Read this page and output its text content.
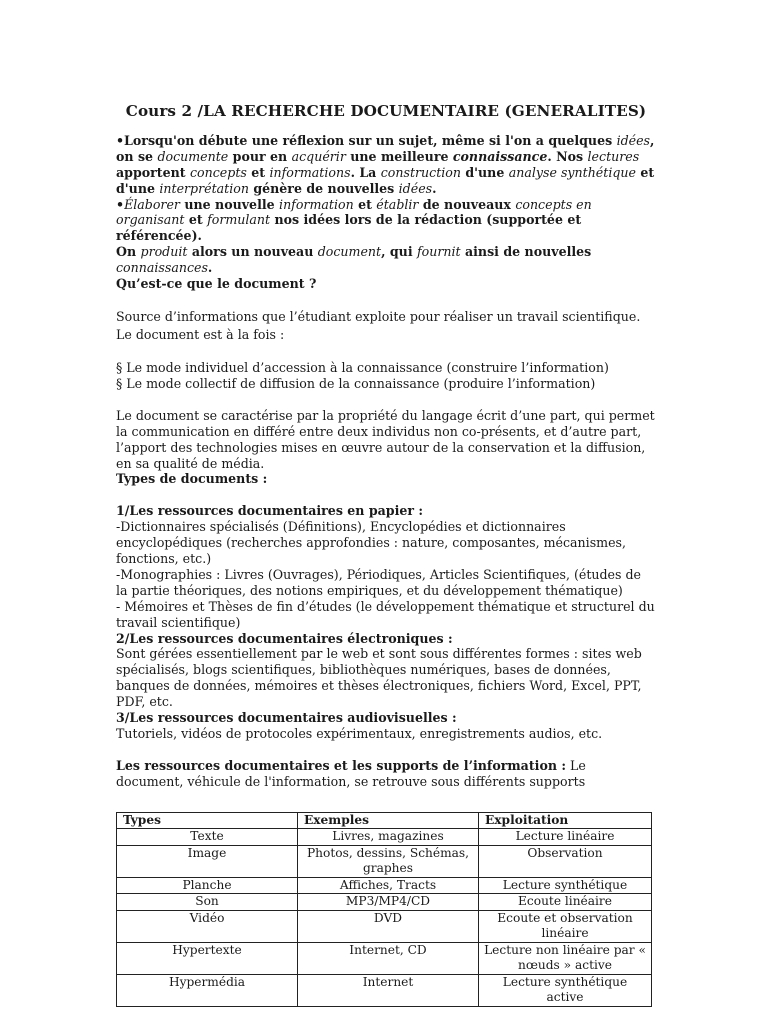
Cours 2 /LA RECHERCHE DOCUMENTAIRE (GENERALITES)

•Lorsqu'on débute une réflexion sur un sujet, même si l'on a quelques idées, on se documente pour en acquérir une meilleure connaissance. Nos lectures apportent concepts et informations. La construction d'une analyse synthétique et d'une interprétation génère de nouvelles idées.

•Élaborer une nouvelle information et établir de nouveaux concepts en organisant et formulant nos idées lors de la rédaction (supportée et référencée).

On produit alors un nouveau document, qui fournit ainsi de nouvelles connaissances.

Qu’est-ce que le document ?

Source d’informations que l’étudiant exploite pour réaliser un travail scientifique.    Le document est à la fois :

§ Le mode individuel d’accession à la connaissance (construire l’information)

§ Le mode collectif de diffusion de la connaissance (produire l’information)

Le document se caractérise par la propriété du langage écrit d’une part, qui permet la communication en différé entre deux individus non co-présents, et d’autre part, l’apport des technologies mises en œuvre autour de la conservation et la diffusion, en sa qualité de média.

Types de documents :

1/Les ressources documentaires en papier :

-Dictionnaires spécialisés (Définitions), Encyclopédies et dictionnaires encyclopédiques (recherches approfondies : nature, composantes, mécanismes, fonctions, etc.)

-Monographies : Livres (Ouvrages), Périodiques, Articles Scientifiques, (études de la partie théoriques, des notions empiriques, et du développement thématique)

- Mémoires et Thèses de fin d’études (le développement thématique et structurel du travail scientifique)

2/Les ressources documentaires électroniques :

Sont gérées essentiellement par le web et sont sous différentes formes : sites web spécialisés, blogs scientifiques, bibliothèques numériques, bases de données, banques de données, mémoires et thèses électroniques, fichiers Word, Excel, PPT, PDF, etc.

3/Les ressources documentaires audiovisuelles :

Tutoriels, vidéos de protocoles expérimentaux, enregistrements audios, etc.

Les ressources documentaires et les supports de l’information : Le document, véhicule de l'information, se retrouve sous différents supports

Types	Exemples	Exploitation
Texte	Livres, magazines	Lecture linéaire
Image	Photos, dessins, Schémas, graphes	Observation
Planche	Affiches, Tracts	Lecture synthétique
Son	MP3/MP4/CD	Ecoute linéaire
Vidéo	DVD	Ecoute et observation linéaire
Hypertexte	Internet, CD	Lecture non linéaire par « nœuds » active
Hypermédia	Internet	Lecture synthétique active
